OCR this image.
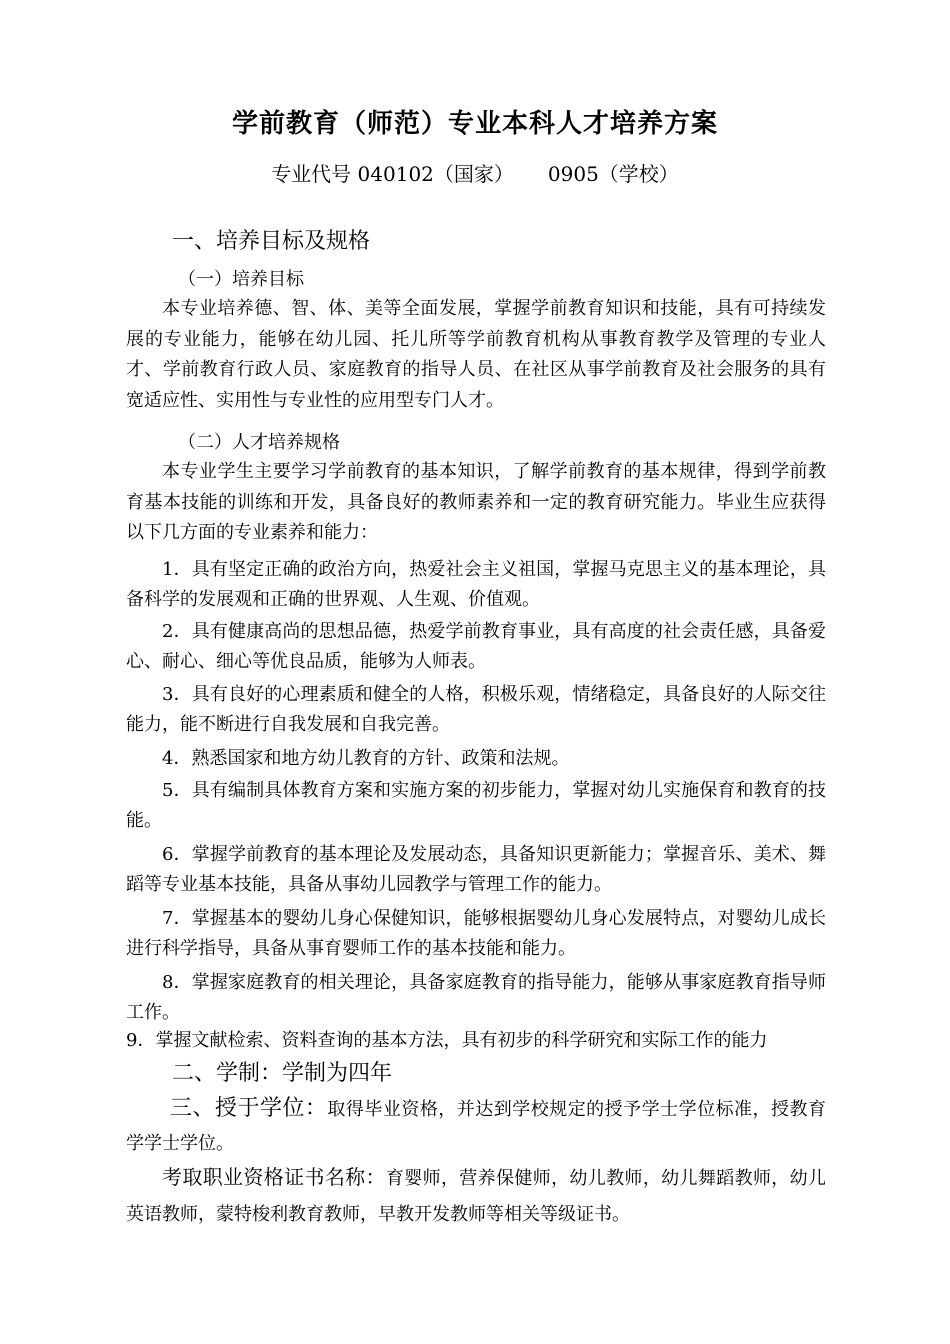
学前教育（师范）专业本科人才培养方案
专业代号 040102（国家） 0905（学校）
一、培养目标及规格
（一）培养目标
本专业培养德、智、体、美等全面发展，掌握学前教育知识和技能，具有可持续发展的专业能力，能够在幼儿园、托儿所等学前教育机构从事教育教学及管理的专业人才、学前教育行政人员、家庭教育的指导人员、在社区从事学前教育及社会服务的具有宽适应性、实用性与专业性的应用型专门人才。
（二）人才培养规格
本专业学生主要学习学前教育的基本知识，了解学前教育的基本规律，得到学前教育基本技能的训练和开发，具备良好的教师素养和一定的教育研究能力。毕业生应获得以下几方面的专业素养和能力：
1．具有坚定正确的政治方向，热爱社会主义祖国，掌握马克思主义的基本理论，具备科学的发展观和正确的世界观、人生观、价值观。
2．具有健康高尚的思想品德，热爱学前教育事业，具有高度的社会责任感，具备爱心、耐心、细心等优良品质，能够为人师表。
3．具有良好的心理素质和健全的人格，积极乐观，情绪稳定，具备良好的人际交往能力，能不断进行自我发展和自我完善。
4．熟悉国家和地方幼儿教育的方针、政策和法规。
5．具有编制具体教育方案和实施方案的初步能力，掌握对幼儿实施保育和教育的技能。
6．掌握学前教育的基本理论及发展动态，具备知识更新能力；掌握音乐、美术、舞蹈等专业基本技能，具备从事幼儿园教学与管理工作的能力。
7．掌握基本的婴幼儿身心保健知识，能够根据婴幼儿身心发展特点，对婴幼儿成长进行科学指导，具备从事育婴师工作的基本技能和能力。
8．掌握家庭教育的相关理论，具备家庭教育的指导能力，能够从事家庭教育指导师工作。
9．掌握文献检索、资料查询的基本方法，具有初步的科学研究和实际工作的能力
二、学制：学制为四年
三、授于学位：取得毕业资格，并达到学校规定的授予学士学位标准，授教育学学士学位。
考取职业资格证书名称：育婴师，营养保健师，幼儿教师，幼儿舞蹈教师，幼儿英语教师，蒙特梭利教育教师，早教开发教师等相关等级证书。
